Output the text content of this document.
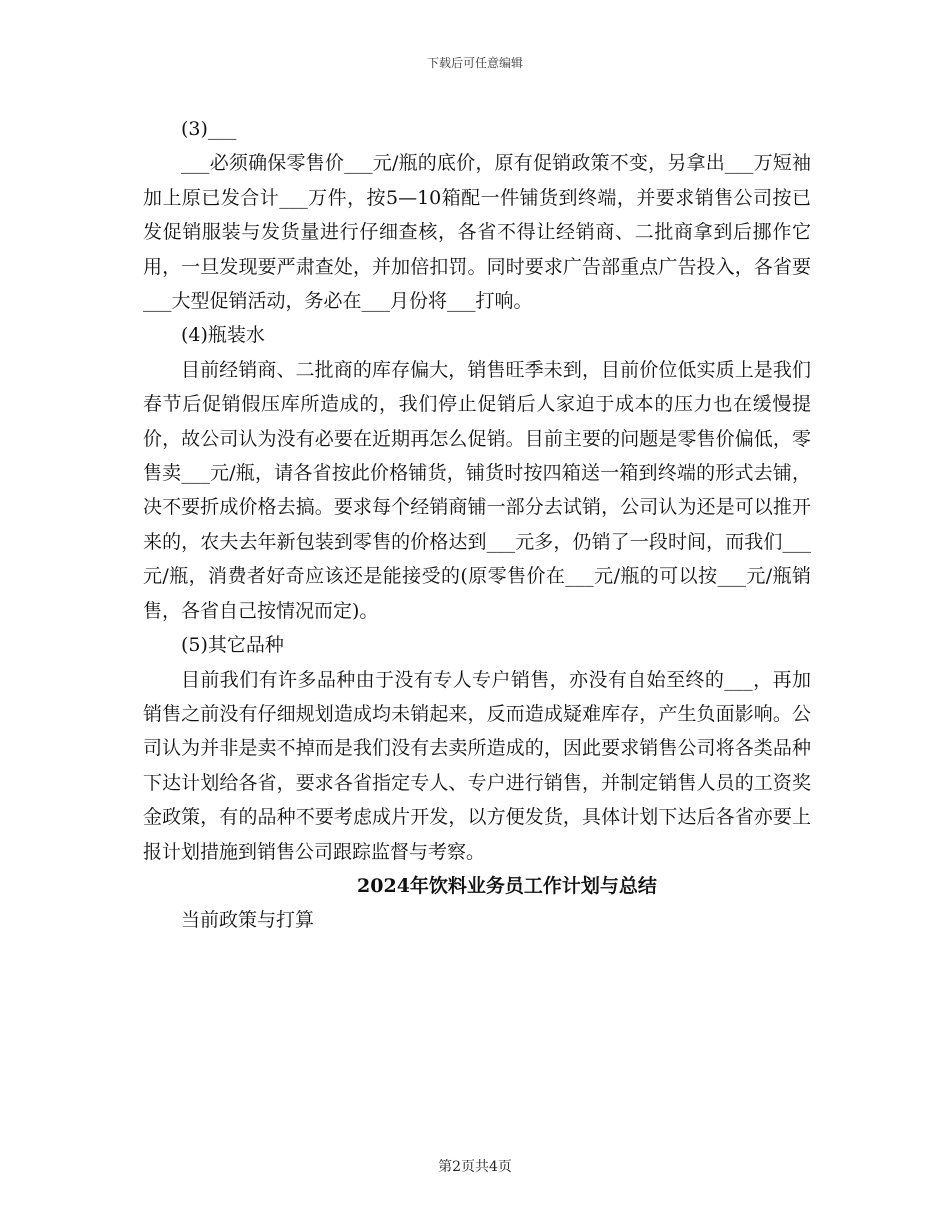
下载后可任意编辑

(3)___

___必须确保零售价___元/瓶的底价，原有促销政策不变，另拿出___万短袖加上原已发合计___万件，按5—10箱配一件铺货到终端，并要求销售公司按已发促销服装与发货量进行仔细查核，各省不得让经销商、二批商拿到后挪作它用，一旦发现要严肃查处，并加倍扣罚。同时要求广告部重点广告投入，各省要___大型促销活动，务必在___月份将___打响。

(4)瓶装水

目前经销商、二批商的库存偏大，销售旺季未到，目前价位低实质上是我们春节后促销假压库所造成的，我们停止促销后人家迫于成本的压力也在缓慢提价，故公司认为没有必要在近期再怎么促销。目前主要的问题是零售价偏低，零售卖___元/瓶，请各省按此价格铺货，铺货时按四箱送一箱到终端的形式去铺，决不要折成价格去搞。要求每个经销商铺一部分去试销，公司认为还是可以推开来的，农夫去年新包装到零售的价格达到___元多，仍销了一段时间，而我们___元/瓶，消费者好奇应该还是能接受的(原零售价在___元/瓶的可以按___元/瓶销售，各省自己按情况而定)。

(5)其它品种

目前我们有许多品种由于没有专人专户销售，亦没有自始至终的___，再加销售之前没有仔细规划造成均未销起来，反而造成疑难库存，产生负面影响。公司认为并非是卖不掉而是我们没有去卖所造成的，因此要求销售公司将各类品种下达计划给各省，要求各省指定专人、专户进行销售，并制定销售人员的工资奖金政策，有的品种不要考虑成片开发，以方便发货，具体计划下达后各省亦要上报计划措施到销售公司跟踪监督与考察。

2024年饮料业务员工作计划与总结

当前政策与打算

第2页共4页
